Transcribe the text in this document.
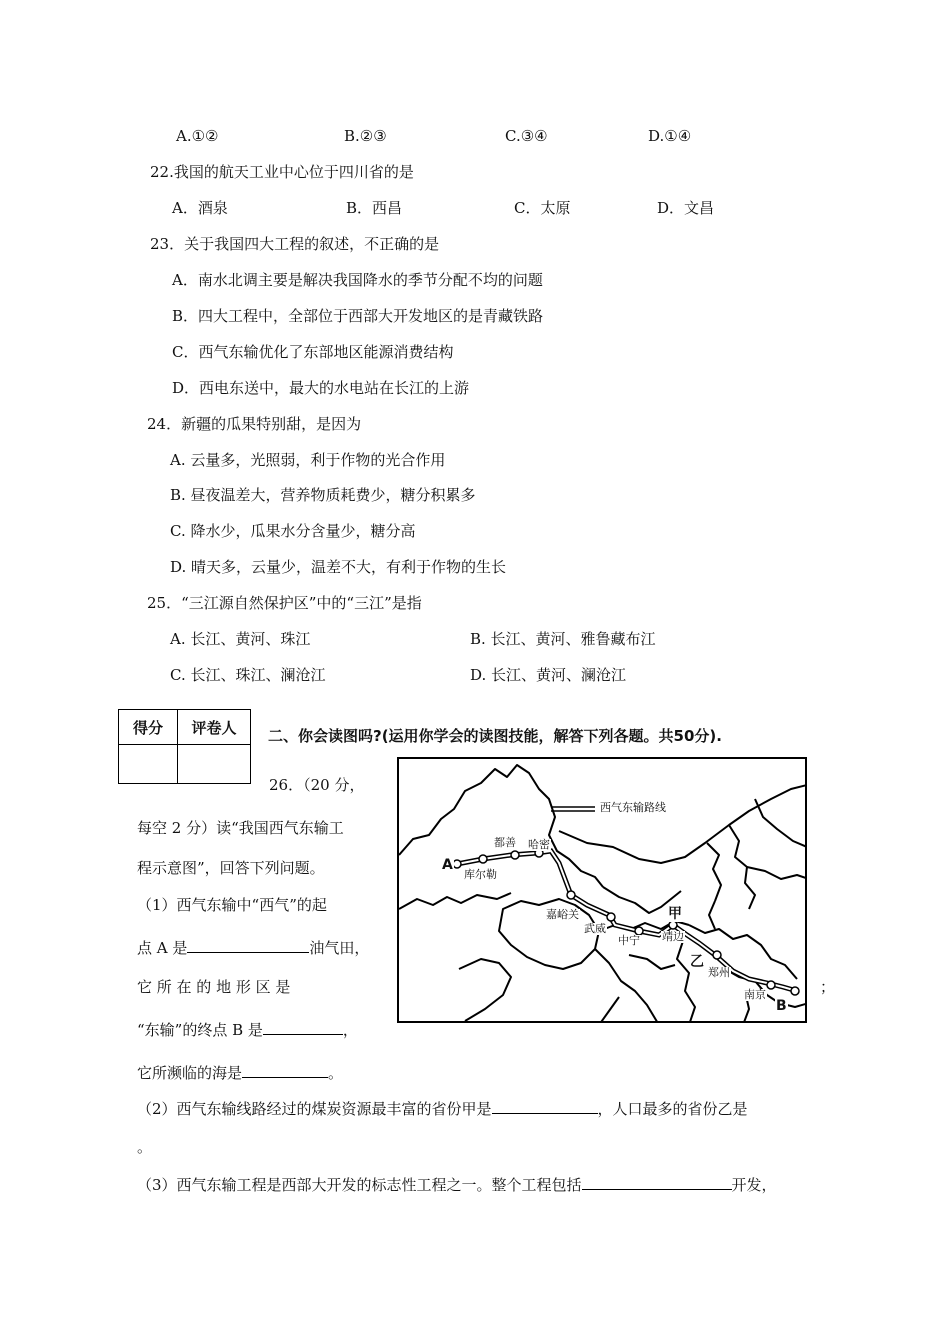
A.①②	B.②③	C.③④	D.①④
22.我国的航天工业中心位于四川省的是
A．酒泉	B．西昌	C．太原	D．文昌
23．关于我国四大工程的叙述，不正确的是
A．南水北调主要是解决我国降水的季节分配不均的问题
B．四大工程中，全部位于西部大开发地区的是青藏铁路
C．西气东输优化了东部地区能源消费结构
D．西电东送中，最大的水电站在长江的上游
24．新疆的瓜果特别甜，是因为
A. 云量多，光照弱，利于作物的光合作用
B. 昼夜温差大，营养物质耗费少，糖分积累多
C. 降水少，瓜果水分含量少，糖分高
D. 晴天多，云量少，温差不大，有利于作物的生长
25．“三江源自然保护区”中的“三江”是指
A. 长江、黄河、珠江	B. 长江、黄河、雅鲁藏布江
C. 长江、珠江、澜沧江	D. 长江、黄河、澜沧江
得分	评卷人
	二、你会读图吗?(运用你学会的读图技能，解答下列各题。共50分).
26．（20 分，
每空 2 分）读“我国西气东输工
程示意图”，回答下列问题。
（1）西气东输中“西气”的起
点 A 是	油气田，
它 所 在 的 地 形 区 是	；
“东输”的终点 B 是	，
它所濒临的海是	。
（2）西气东输线路经过的煤炭资源最丰富的省份甲是	，人口最多的省份乙是
。
（3）西气东输工程是西部大开发的标志性工程之一。整个工程包括	开发，
西气东输路线
A
B
甲
乙
都善 哈密
库尔勒
嘉峪关
武威
中宁 靖边
郑州
南京
